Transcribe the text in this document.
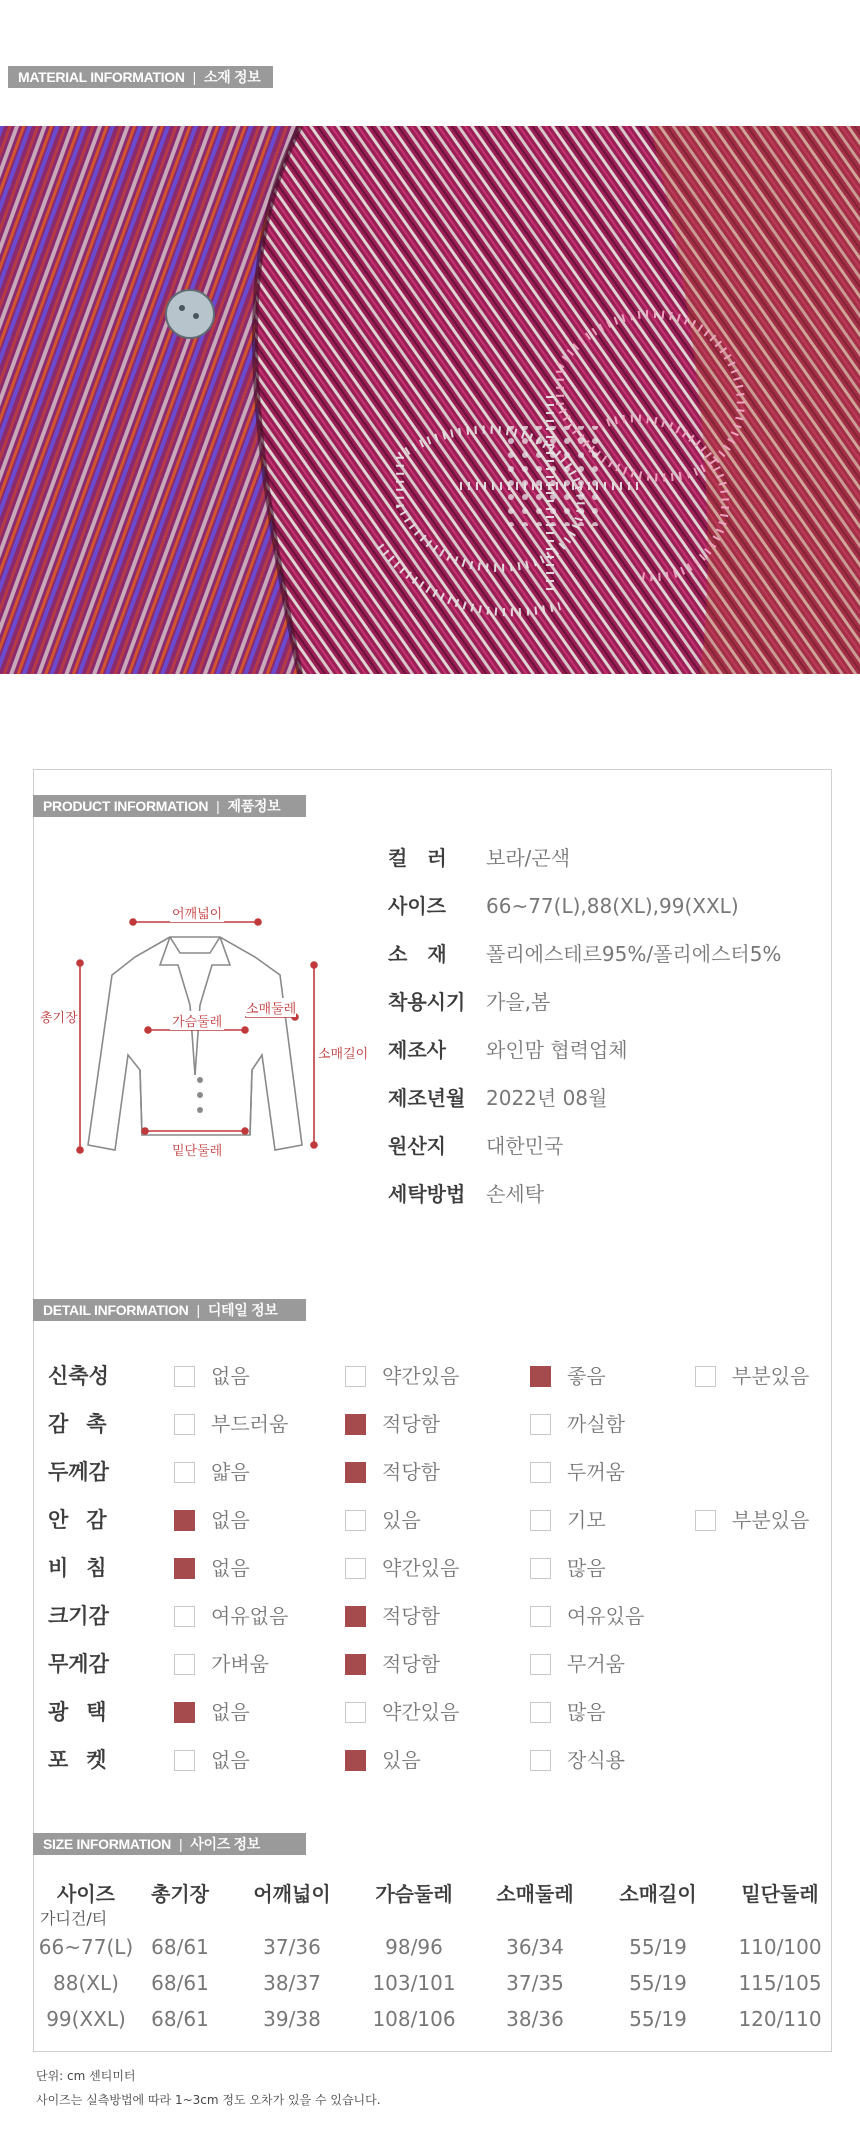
MATERIAL INFORMATION | 소재 정보
PRODUCT INFORMATION | 제품정보
어깨넓이
총기장	가슴둘레
소매둘레
소매길이
밑단둘레
컬러 보라/곤색
사이즈	66~77(L),88(XL),99(XXL)
소재 폴리에스테르95%/폴리에스터5%
착용시기	가을,봄
제조사	와인맘 협력업체
제조년월	2022년 08월
원산지	대한민국
세탁방법	손세탁
DETAIL INFORMATION | 디테일 정보
신축성	없음	약간있음	좋음	부분있음
감촉	부드러움	적당함	까실함
두께감	얇음	적당함	두꺼움
안감	없음	있음	기모	부분있음
비침	없음	약간있음	많음
크기감	여유없음	적당함	여유있음
무게감	가벼움	적당함	무거움
광택	없음	약간있음	많음
포켓	없음	있음	장식용
SIZE INFORMATION | 사이즈 정보
사이즈	총기장	어깨넓이	가슴둘레	소매둘레	소매길이	밑단둘레
가디건/티
66~77(L) 68/61	37/36	98/96	36/34	55/19	110/100
88(XL)	68/61	38/37	103/101	37/35	55/19	115/105
99(XXL)	68/61	39/38	108/106	38/36	55/19	120/110
단위: cm 센티미터
사이즈는 실측방법에 따라 1~3cm 정도 오차가 있을 수 있습니다.
